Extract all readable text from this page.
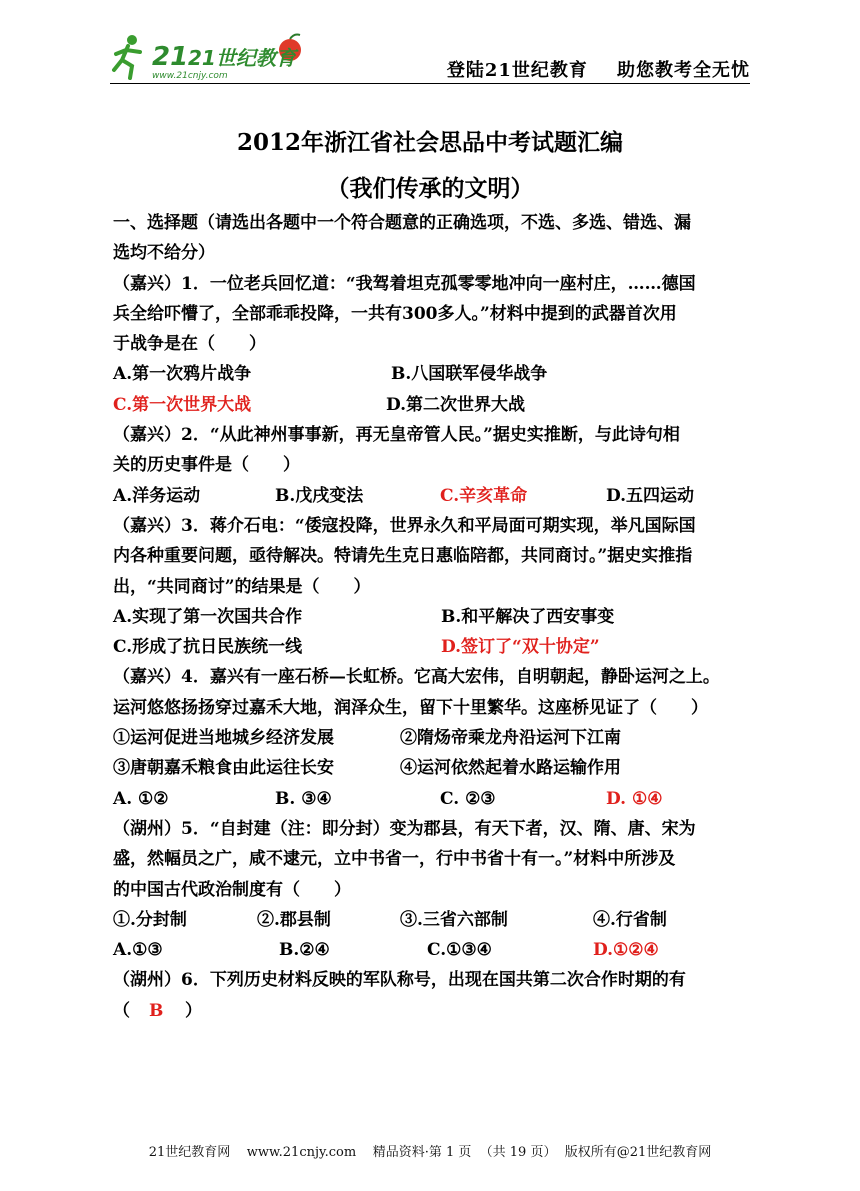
21 21世纪教育
www.21cnjy.com	登陆21世纪教育    助您教考全无忧
2012年浙江省社会思品中考试题汇编
（我们传承的文明）
一、选择题（请选出各题中一个符合题意的正确选项，不选、多选、错选、漏
选均不给分）
（嘉兴）1．一位老兵回忆道：“我驾着坦克孤零零地冲向一座村庄，……德国
兵全给吓懵了，全部乖乖投降，一共有300多人。”材料中提到的武器首次用
于战争是在（　　）
A.第一次鸦片战争	B.八国联军侵华战争
C.第一次世界大战	D.第二次世界大战
（嘉兴）2．“从此神州事事新，再无皇帝管人民。”据史实推断，与此诗句相
关的历史事件是（　　）
A.洋务运动	B.戊戌变法	C.辛亥革命	D.五四运动
（嘉兴）3．蒋介石电：“倭寇投降，世界永久和平局面可期实现，举凡国际国
内各种重要问题，亟待解决。特请先生克日惠临陪都，共同商讨。”据史实推指
出，“共同商讨”的结果是（　　）
A.实现了第一次国共合作	B.和平解决了西安事变
C.形成了抗日民族统一线	D.签订了“双十协定”
（嘉兴）4．嘉兴有一座石桥—长虹桥。它高大宏伟，自明朝起，静卧运河之上。
运河悠悠扬扬穿过嘉禾大地，润泽众生，留下十里繁华。这座桥见证了（　　）
①运河促进当地城乡经济发展	②隋炀帝乘龙舟沿运河下江南
③唐朝嘉禾粮食由此运往长安	④运河依然起着水路运输作用
A. ①②	B. ③④	C. ②③	D. ①④
（湖州）5．“自封建（注：即分封）变为郡县，有天下者，汉、隋、唐、宋为
盛，然幅员之广，咸不逮元，立中书省一，行中书省十有一。”材料中所涉及
的中国古代政治制度有（　　）
①.分封制	②.郡县制	③.三省六部制	④.行省制
A.①③	B.②④	C.①③④	D.①②④
（湖州）6．下列历史材料反映的军队称号，出现在国共第二次合作时期的有
（ B ）
21世纪教育网    www.21cnjy.com    精品资料·第 1 页  （共 19 页）  版权所有@21世纪教育网
